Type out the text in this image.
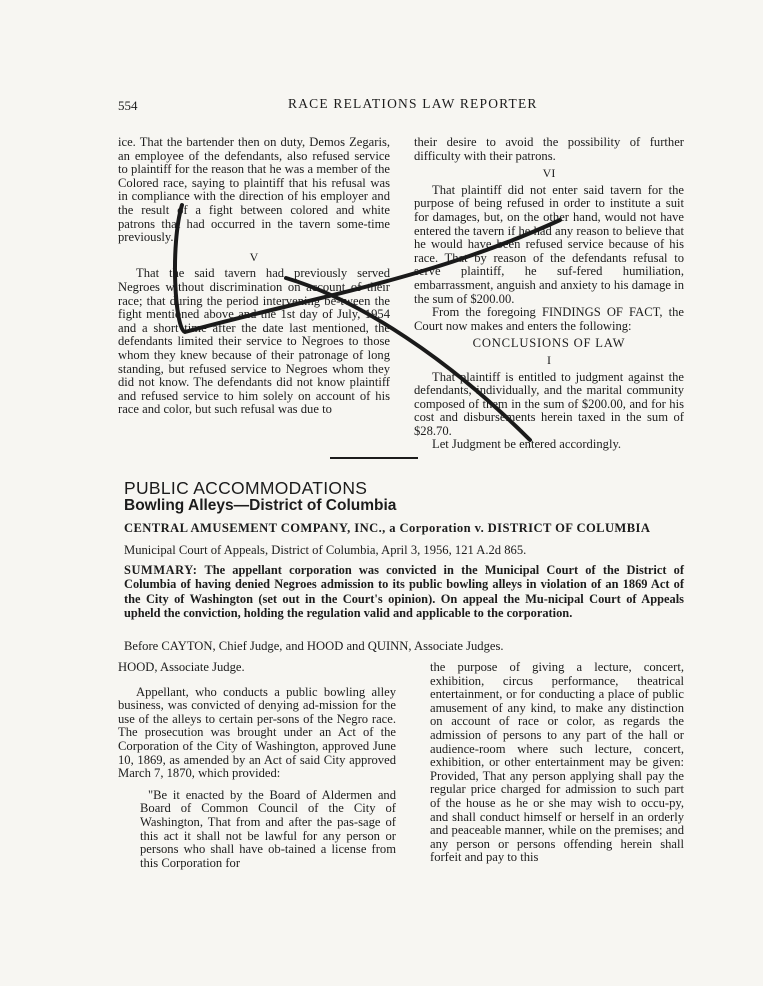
554	RACE RELATIONS LAW REPORTER

ice. That the bartender then on duty, Demos Zegaris, an employee of the defendants, also refused service to plaintiff for the reason that he was a member of the Colored race, saying to plaintiff that his refusal was in compliance with the direction of his employer and the result of a fight between colored and white patrons that had occurred in the tavern some-time previously.

V

That the said tavern had previously served Negroes without discrimination on account of their race; that during the period intervening be-tween the fight mentioned above and the 1st day of July, 1954 and a short time after the date last mentioned, the defendants limited their service to Negroes to those whom they knew because of their patronage of long standing, but refused service to Negroes whom they did not know. The defendants did not know plaintiff and refused service to him solely on account of his race and color, but such refusal was due to

their desire to avoid the possibility of further difficulty with their patrons.

VI

That plaintiff did not enter said tavern for the purpose of being refused in order to institute a suit for damages, but, on the other hand, would not have entered the tavern if he had any reason to believe that he would have been refused service because of his race. That by reason of the defendants refusal to serve plaintiff, he suf-fered humiliation, embarrassment, anguish and anxiety to his damage in the sum of $200.00.

From the foregoing FINDINGS OF FACT, the Court now makes and enters the following:

CONCLUSIONS OF LAW

I

That plaintiff is entitled to judgment against the defendants, individually, and the marital community composed of them in the sum of $200.00, and for his cost and disbursements herein taxed in the sum of $28.70.

Let Judgment be entered accordingly.

PUBLIC ACCOMMODATIONS
Bowling Alleys—District of Columbia
CENTRAL AMUSEMENT COMPANY, INC., a Corporation v. DISTRICT OF COLUMBIA
Municipal Court of Appeals, District of Columbia, April 3, 1956, 121 A.2d 865.
SUMMARY: The appellant corporation was convicted in the Municipal Court of the District of Columbia of having denied Negroes admission to its public bowling alleys in violation of an 1869 Act of the City of Washington (set out in the Court's opinion). On appeal the Mu-nicipal Court of Appeals upheld the conviction, holding the regulation valid and applicable to the corporation.
Before CAYTON, Chief Judge, and HOOD and QUINN, Associate Judges.

HOOD, Associate Judge.

Appellant, who conducts a public bowling alley business, was convicted of denying ad-mission for the use of the alleys to certain per-sons of the Negro race. The prosecution was brought under an Act of the Corporation of the City of Washington, approved June 10, 1869, as amended by an Act of said City approved March 7, 1870, which provided:

"Be it enacted by the Board of Aldermen and Board of Common Council of the City of Washington, That from and after the pas-sage of this act it shall not be lawful for any person or persons who shall have ob-tained a license from this Corporation for

the purpose of giving a lecture, concert, exhibition, circus performance, theatrical entertainment, or for conducting a place of public amusement of any kind, to make any distinction on account of race or color, as regards the admission of persons to any part of the hall or audience-room where such lecture, concert, exhibition, or other entertainment may be given: Provided, That any person applying shall pay the regular price charged for admission to such part of the house as he or she may wish to occu-py, and shall conduct himself or herself in an orderly and peaceable manner, while on the premises; and any person or persons offending herein shall forfeit and pay to this
